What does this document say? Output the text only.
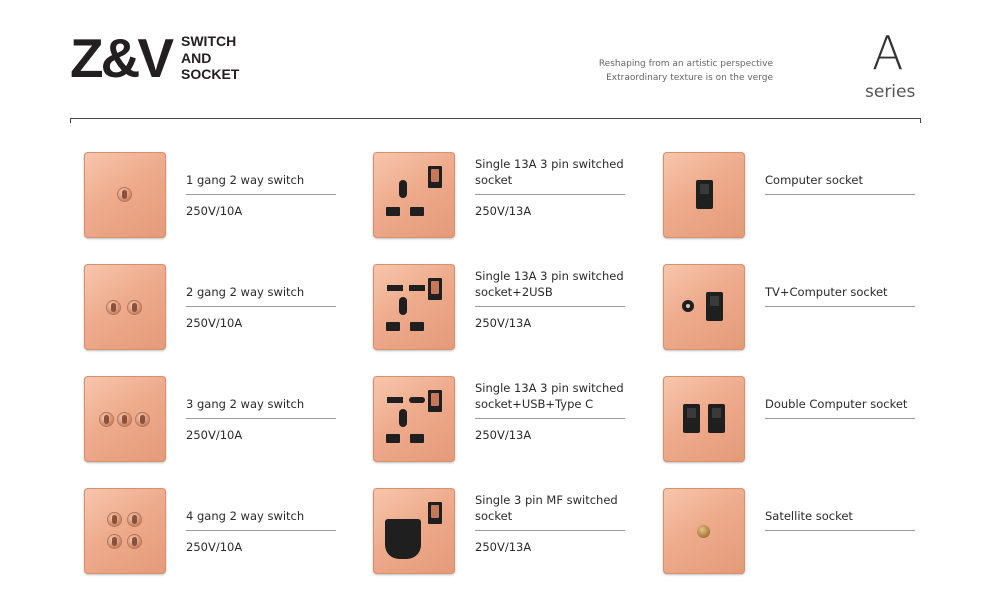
Z&V SWITCH
AND
SOCKET
Reshaping from an artistic perspective
Extraordinary texture is on the verge A
series
1 gang 2 way switch
250V/10A
Single 13A 3 pin switched socket
250V/13A
Computer socket
2 gang 2 way switch
250V/10A
Single 13A 3 pin switched socket+2USB
250V/13A
TV+Computer socket
3 gang 2 way switch
250V/10A
Single 13A 3 pin switched socket+USB+Type C
250V/13A
Double Computer socket
4 gang 2 way switch
250V/10A
Single 3 pin MF switched socket
250V/13A
Satellite socket
